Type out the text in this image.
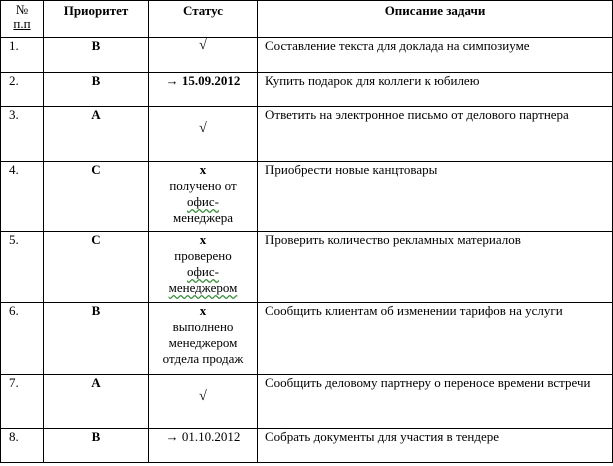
№
п.п	Приоритет	Статус	Описание задачи
1.	B	√	Составление текста для доклада на симпозиуме
2.	B	→ 15.09.2012	Купить подарок для коллеги к юбилею
3.	A	√	Ответить на электронное письмо от делового партнера
4.	C	x
получено от
офис-
менеджера	Приобрести новые канцтовары
5.	C	x
проверено
офис-
менеджером	Проверить количество рекламных материалов
6.	B	x
выполнено
менеджером
отдела продаж	Сообщить клиентам об изменении тарифов на услуги
7.	A	√	Сообщить деловому партнеру о переносе времени встречи
8.	B	→ 01.10.2012	Собрать документы для участия в тендере
